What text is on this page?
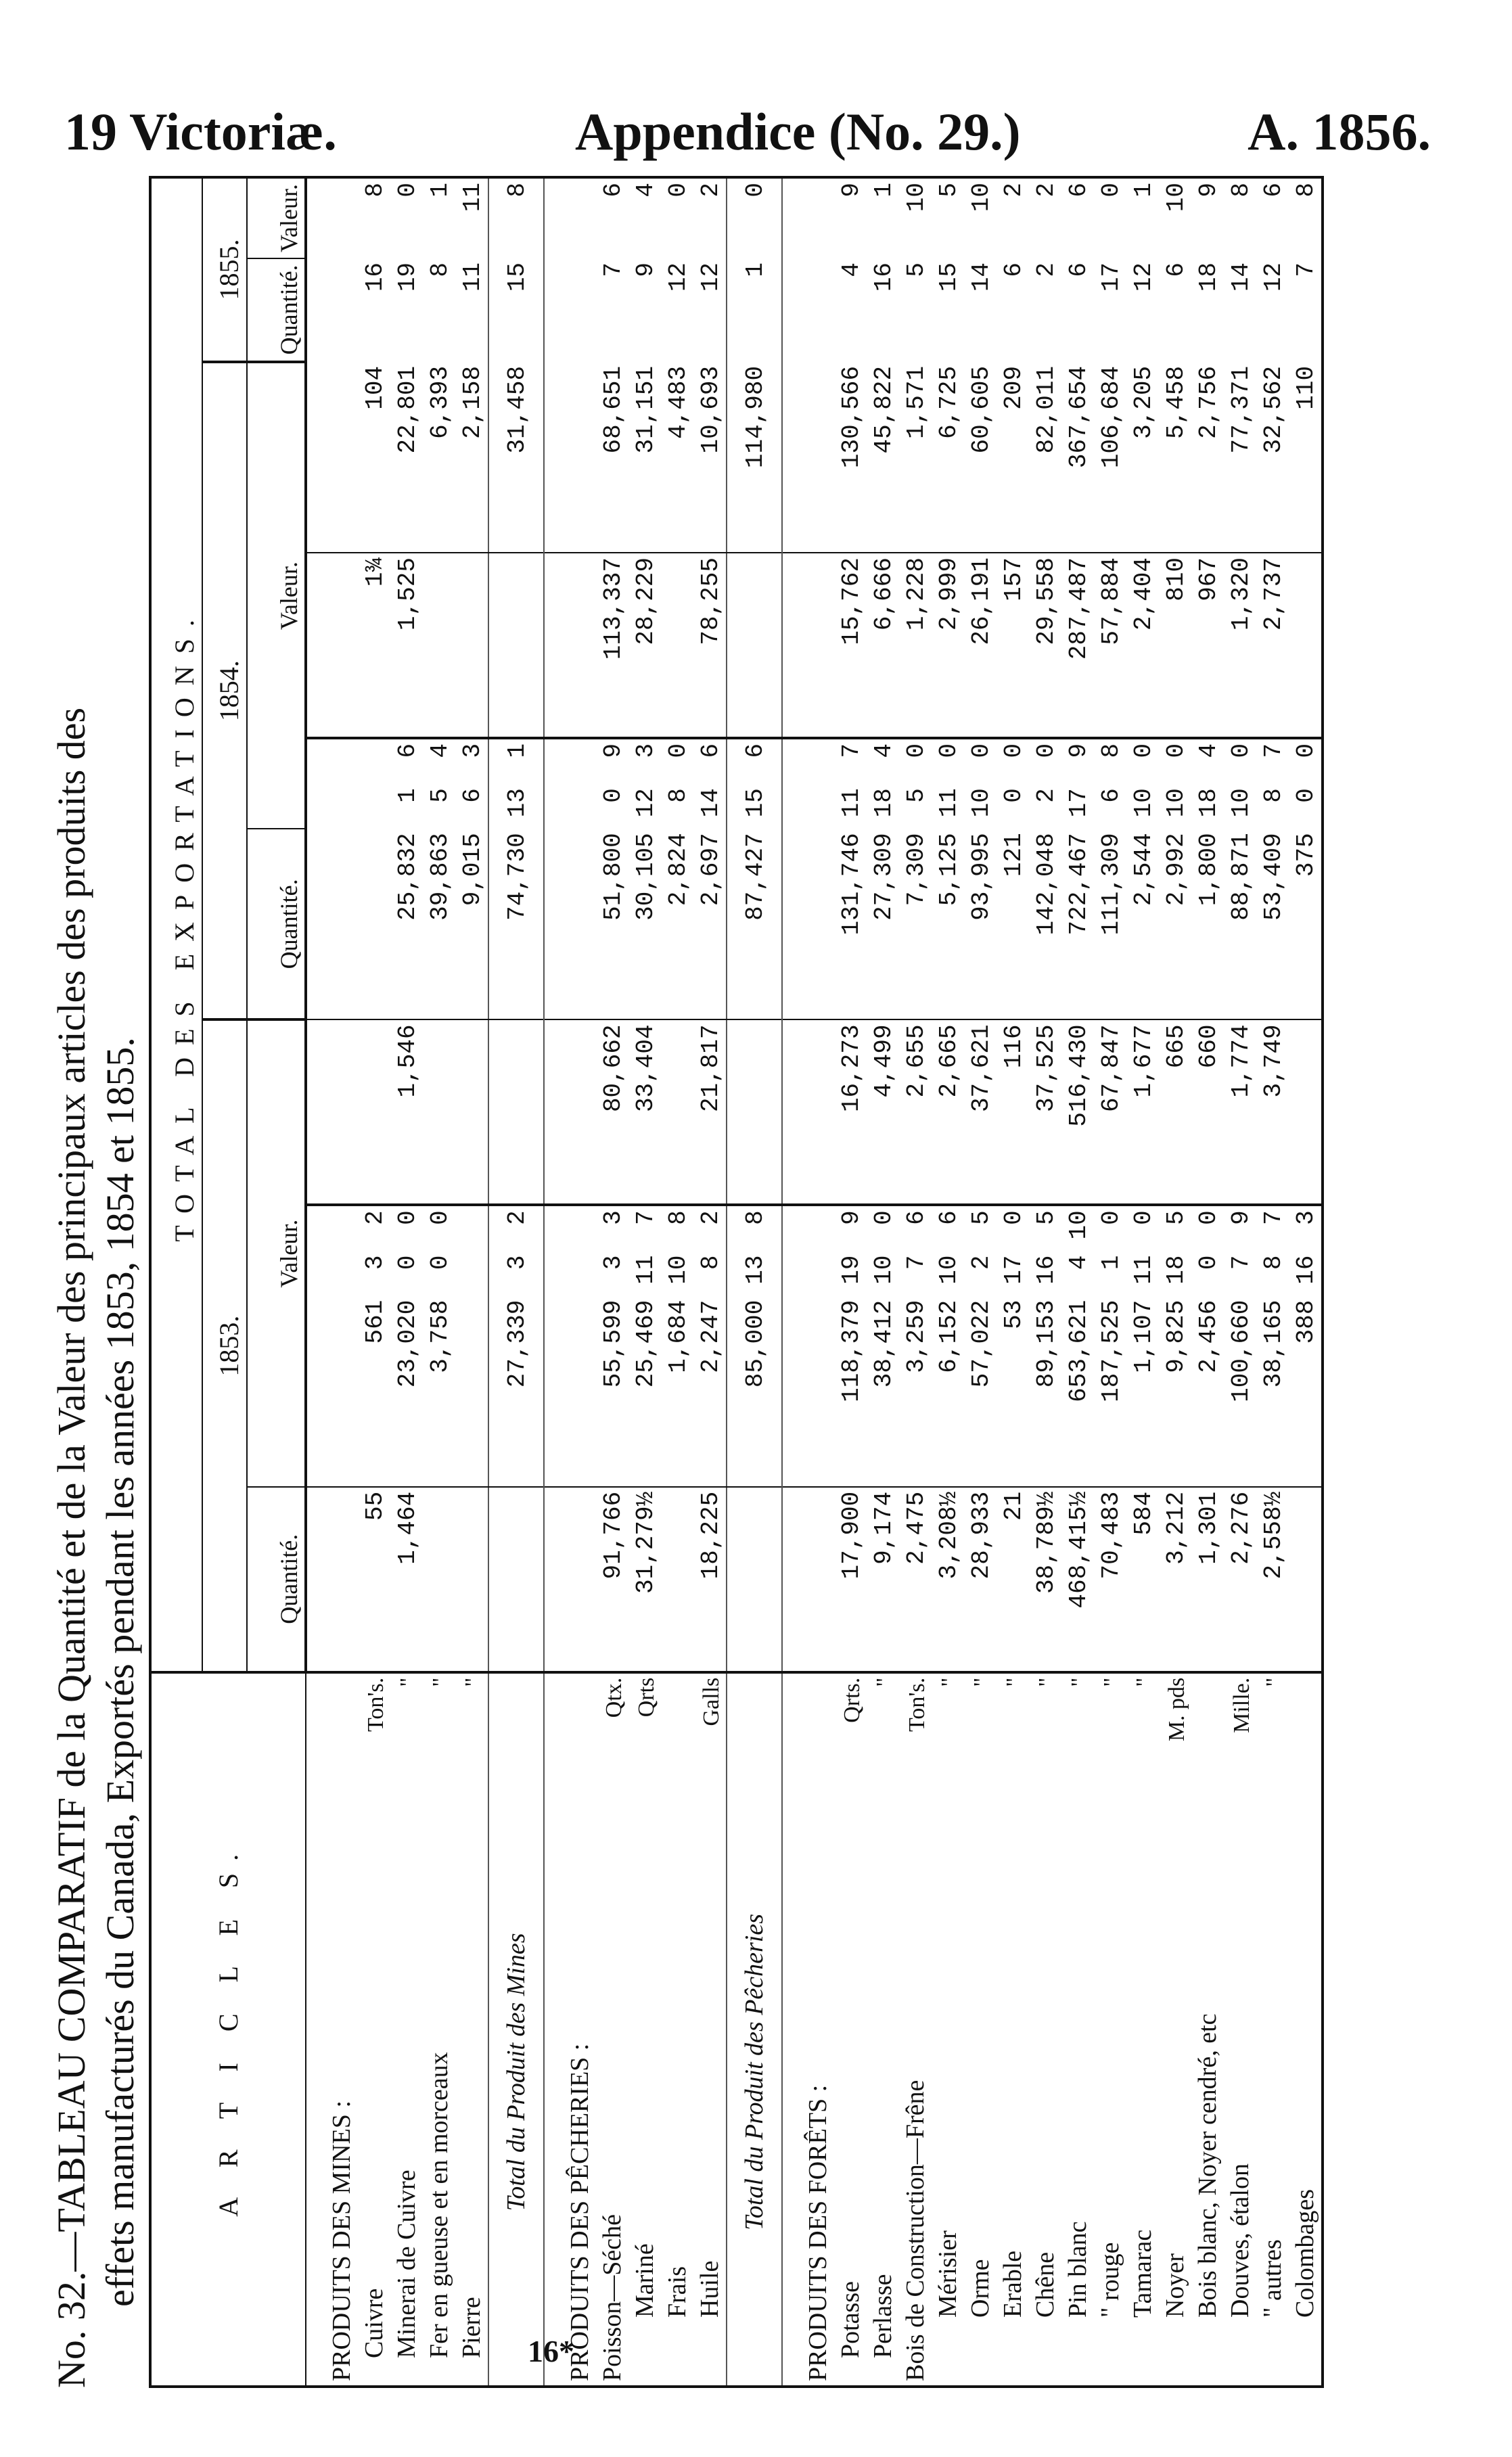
19 Victoriæ.	Appendice (No. 29.)	A. 1856.
No. 32.—TABLEAU COMPARATIF de la Quantité et de la Valeur des principaux articles des produits des effets manufacturés du Canada, Exportés pendant les années 1853, 1854 et 1855.	A R T I C L E S.		TOTAL DES EXPORTATIONS.											
		1853.					1854.					1855.	
		Quantité.	Valeur.				Quantité.	Valeur.				Quantité.	Valeur.
PRODUITS DES MINES :													
Cuivre	Ton's.	55	561	3	2					1¾	104	16	8
Minerai de Cuivre	"	1,464	23,020	0	0	1,546	25,832	1	6	1,525	22,801	19	0
Fer en gueuse et en morceaux	"		3,758	0	0		39,863	5	4		6,393	8	1
Pierre	"						9,015	6	3		2,158	11	11
Total du Produit des Mines			27,339	3	2		74,730	13	1		31,458	15	8
PRODUITS DES PÊCHERIES :													
Poisson—Séché	Qtx.	91,766	55,599	3	3	80,662	51,800	0	9	113,337	68,651	7	6
Mariné	Qrts	31,279½	25,469	11	7	33,404	30,105	12	3	28,229	31,151	9	4
Frais			1,684	10	8		2,824	8	0		4,483	12	0
Huile	Galls	18,225	2,247	8	2	21,817	2,697	14	6	78,255	10,693	12	2
Total du Produit des Pêcheries			85,000	13	8		87,427	15	6		114,980	1	0
PRODUITS DES FORÊTS :													
Potasse	Qrts.	17,900	118,379	19	9	16,273	131,746	11	7	15,762	130,566	4	9
Perlasse	"	9,174	38,412	10	0	4,499	27,309	18	4	6,666	45,822	16	1
Bois de Construction—Frêne	Ton's.	2,475	3,259	7	6	2,655	7,309	5	0	1,228	1,571	5	10
Mérisier	"	3,208½	6,152	10	6	2,665	5,125	11	0	2,999	6,725	15	5
Orme	"	28,933	57,022	2	5	37,621	93,995	10	0	26,191	60,605	14	10
Erable	"	21	53	17	0	116	121	0	0	157	209	6	2
Chêne	"	38,789½	89,153	16	5	37,525	142,048	2	0	29,558	82,011	2	2
Pin blanc	"	468,415½	653,621	4	10	516,430	722,467	17	9	287,487	367,654	6	6
" rouge	"	70,483	187,525	1	0	67,847	111,309	6	8	57,884	106,684	17	0
Tamarac	"	584	1,107	11	0	1,677	2,544	10	0	2,404	3,205	12	1
Noyer	M. pds	3,212	9,825	18	5	665	2,992	10	0	810	5,458	6	10
Bois blanc, Noyer cendré, etc		1,301	2,456	0	0	660	1,800	18	4	967	2,756	18	9
Douves, étalon	Mille.	2,276	100,660	7	9	1,774	88,871	10	0	1,320	77,371	14	8
" autres	"	2,558½	38,165	8	7	3,749	53,409	8	7	2,737	32,562	12	6
Colombages			388	16	3		375	0	0		110	7	8
16*
